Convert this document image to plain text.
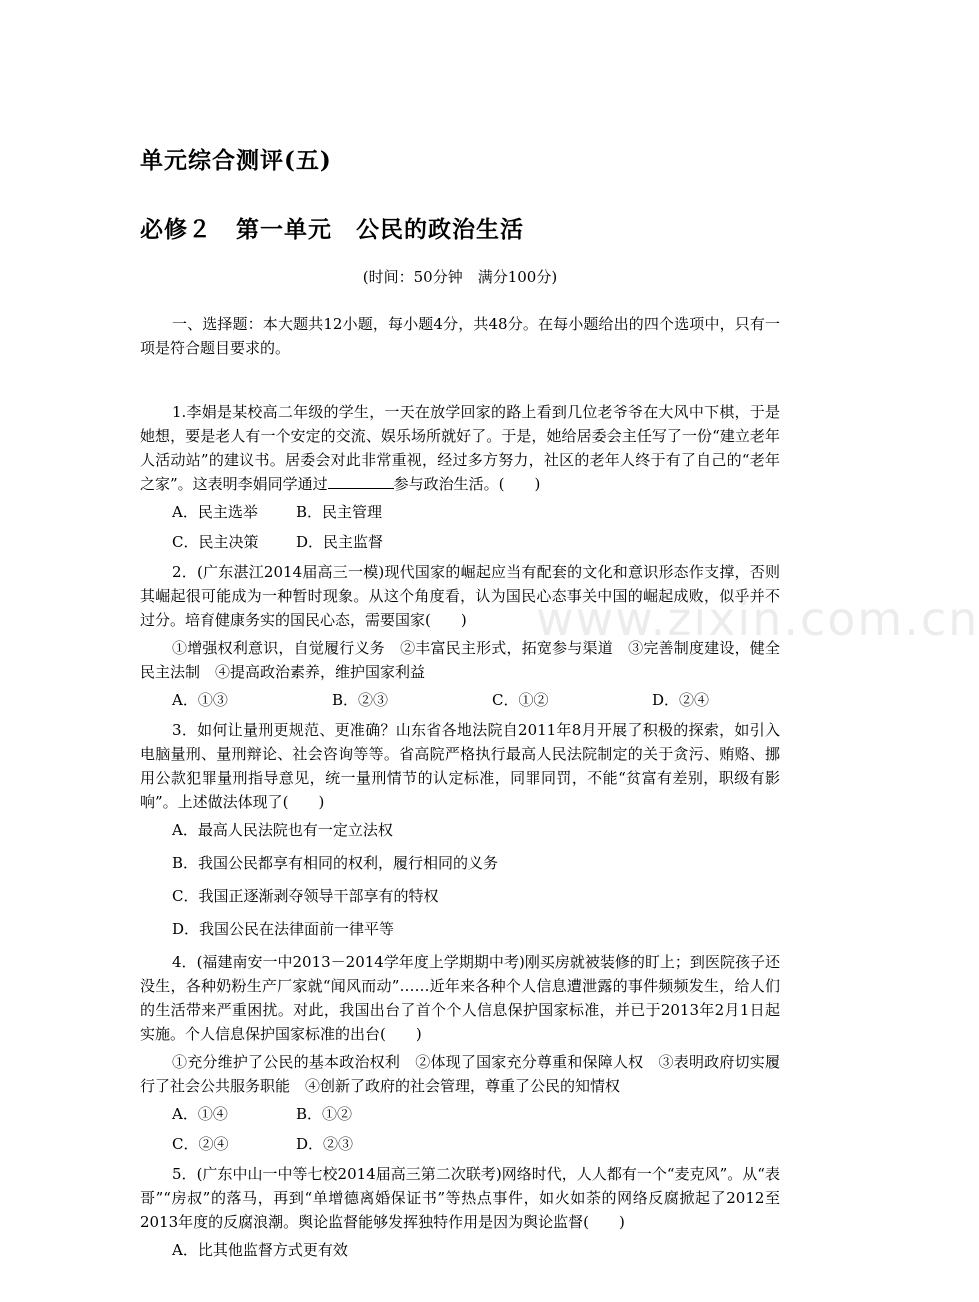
单元综合测评(五)
必修２　第一单元　公民的政治生活
(时间：50分钟　满分100分)
www.zixin.com.cn

一、选择题：本大题共12小题，每小题4分，共48分。在每小题给出的四个选项中，只有一项是符合题目要求的。

1.李娟是某校高二年级的学生，一天在放学回家的路上看到几位老爷爷在大风中下棋，于是她想，要是老人有一个安定的交流、娱乐场所就好了。于是，她给居委会主任写了一份“建立老年人活动站”的建议书。居委会对此非常重视，经过多方努力，社区的老年人终于有了自己的“老年之家”。这表明李娟同学通过	参与政治生活。(　　)

A．民主选举	B．民主管理
C．民主决策	D．民主监督

2．(广东湛江2014届高三一模)现代国家的崛起应当有配套的文化和意识形态作支撑，否则其崛起很可能成为一种暂时现象。从这个角度看，认为国民心态事关中国的崛起成败，似乎并不过分。培育健康务实的国民心态，需要国家(　　)

①增强权利意识，自觉履行义务　②丰富民主形式，拓宽参与渠道　③完善制度建设，健全民主法制　④提高政治素养，维护国家利益

A．①③	B．②③	C．①②	D．②④

3．如何让量刑更规范、更准确？山东省各地法院自2011年8月开展了积极的探索，如引入电脑量刑、量刑辩论、社会咨询等等。省高院严格执行最高人民法院制定的关于贪污、贿赂、挪用公款犯罪量刑指导意见，统一量刑情节的认定标准，同罪同罚，不能“贫富有差别，职级有影响”。上述做法体现了(　　)

A．最高人民法院也有一定立法权
B．我国公民都享有相同的权利，履行相同的义务
C．我国正逐渐剥夺领导干部享有的特权
D．我国公民在法律面前一律平等

4．(福建南安一中2013－2014学年度上学期期中考)刚买房就被装修的盯上；到医院孩子还没生，各种奶粉生产厂家就“闻风而动”……近年来各种个人信息遭泄露的事件频频发生，给人们的生活带来严重困扰。对此，我国出台了首个个人信息保护国家标准，并已于2013年2月1日起实施。个人信息保护国家标准的出台(　　)

①充分维护了公民的基本政治权利　②体现了国家充分尊重和保障人权　③表明政府切实履行了社会公共服务职能　④创新了政府的社会管理，尊重了公民的知情权

A．①④	B．①②
C．②④	D．②③

5．(广东中山一中等七校2014届高三第二次联考)网络时代，人人都有一个“麦克风”。从“表哥”“房叔”的落马，再到“单增德离婚保证书”等热点事件，如火如荼的网络反腐掀起了2012至2013年度的反腐浪潮。舆论监督能够发挥独特作用是因为舆论监督(　　)

A．比其他监督方式更有效
